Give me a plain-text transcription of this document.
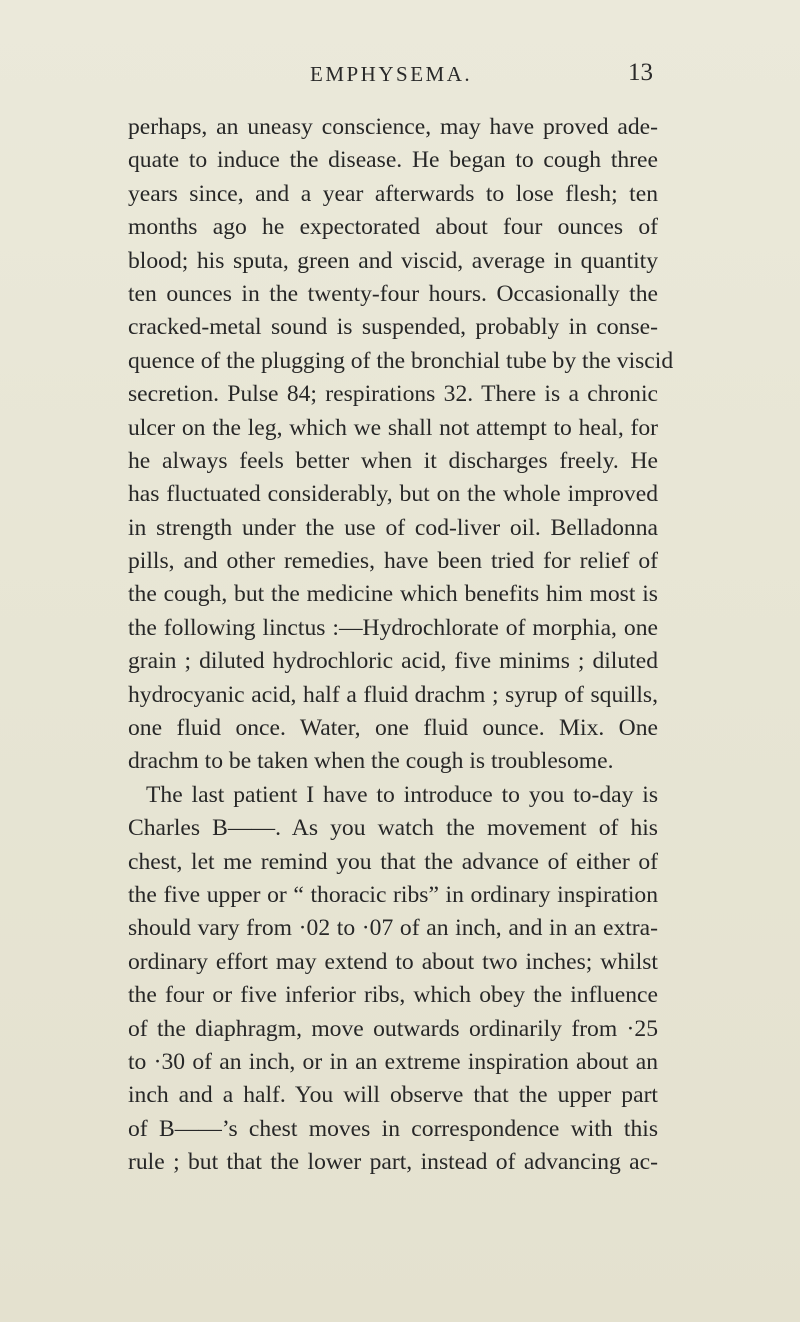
EMPHYSEMA.	13
perhaps, an uneasy conscience, may have proved ade-
quate to induce the disease. He began to cough three
years since, and a year afterwards to lose flesh; ten
months ago he expectorated about four ounces of
blood; his sputa, green and viscid, average in quantity
ten ounces in the twenty-four hours. Occasionally the
cracked-metal sound is suspended, probably in conse-
quence of the plugging of the bronchial tube by the viscid
secretion. Pulse 84; respirations 32. There is a chronic
ulcer on the leg, which we shall not attempt to heal, for
he always feels better when it discharges freely. He
has fluctuated considerably, but on the whole improved
in strength under the use of cod-liver oil. Belladonna
pills, and other remedies, have been tried for relief of
the cough, but the medicine which benefits him most is
the following linctus :—Hydrochlorate of morphia, one
grain ; diluted hydrochloric acid, five minims ; diluted
hydrocyanic acid, half a fluid drachm ; syrup of squills,
one fluid once. Water, one fluid ounce. Mix. One
drachm to be taken when the cough is troublesome.
The last patient I have to introduce to you to-day is
Charles B——. As you watch the movement of his
chest, let me remind you that the advance of either of
the five upper or “ thoracic ribs” in ordinary inspiration
should vary from ·02 to ·07 of an inch, and in an extra-
ordinary effort may extend to about two inches; whilst
the four or five inferior ribs, which obey the influence
of the diaphragm, move outwards ordinarily from ·25
to ·30 of an inch, or in an extreme inspiration about an
inch and a half. You will observe that the upper part
of B——’s chest moves in correspondence with this
rule ; but that the lower part, instead of advancing ac-
